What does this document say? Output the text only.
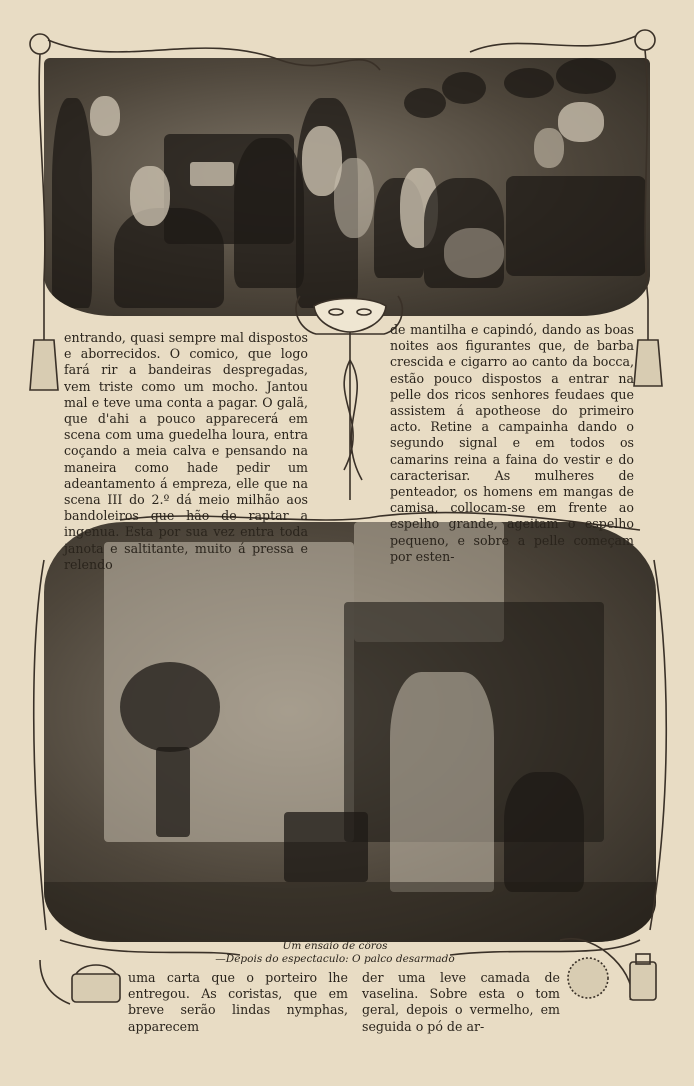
entrando, quasi sempre mal dispostos e aborrecidos. O comico, que logo fará rir a bandeiras despregadas, vem triste como um mocho. Jantou mal e teve uma conta a pagar. O galã, que d'ahi a pouco apparecerá em scena com uma guedelha loura, entra coçando a meia calva e pensando na maneira como hade pedir um adeantamento á empreza, elle que na scena III do 2.º dá meio milhão aos bandoleiros que hão de raptar a ingenua. Esta por sua vez entra toda janota e saltitante, muito á pressa e relendo

de mantilha e capindó, dando as boas noites aos figurantes que, de barba crescida e cigarro ao canto da bocca, estão pouco dispostos a entrar na pelle dos ricos senhores feudaes que assistem á apotheose do primeiro acto. Retine a campainha dando o segundo signal e em todos os camarins reina a faina do vestir e do caracterisar. As mulheres de penteador, os homens em mangas de camisa, collocam-se em frente ao espelho grande, ageitam o espelho pequeno, e sobre a pelle começam por esten-

Um ensaio de côros

—Depois do espectaculo: O palco desarmado

uma carta que o porteiro lhe entregou. As coristas, que em breve serão lindas nymphas, apparecem

der uma leve camada de vaselina. Sobre esta o tom geral, depois o vermelho, em seguida o pó de ar-
